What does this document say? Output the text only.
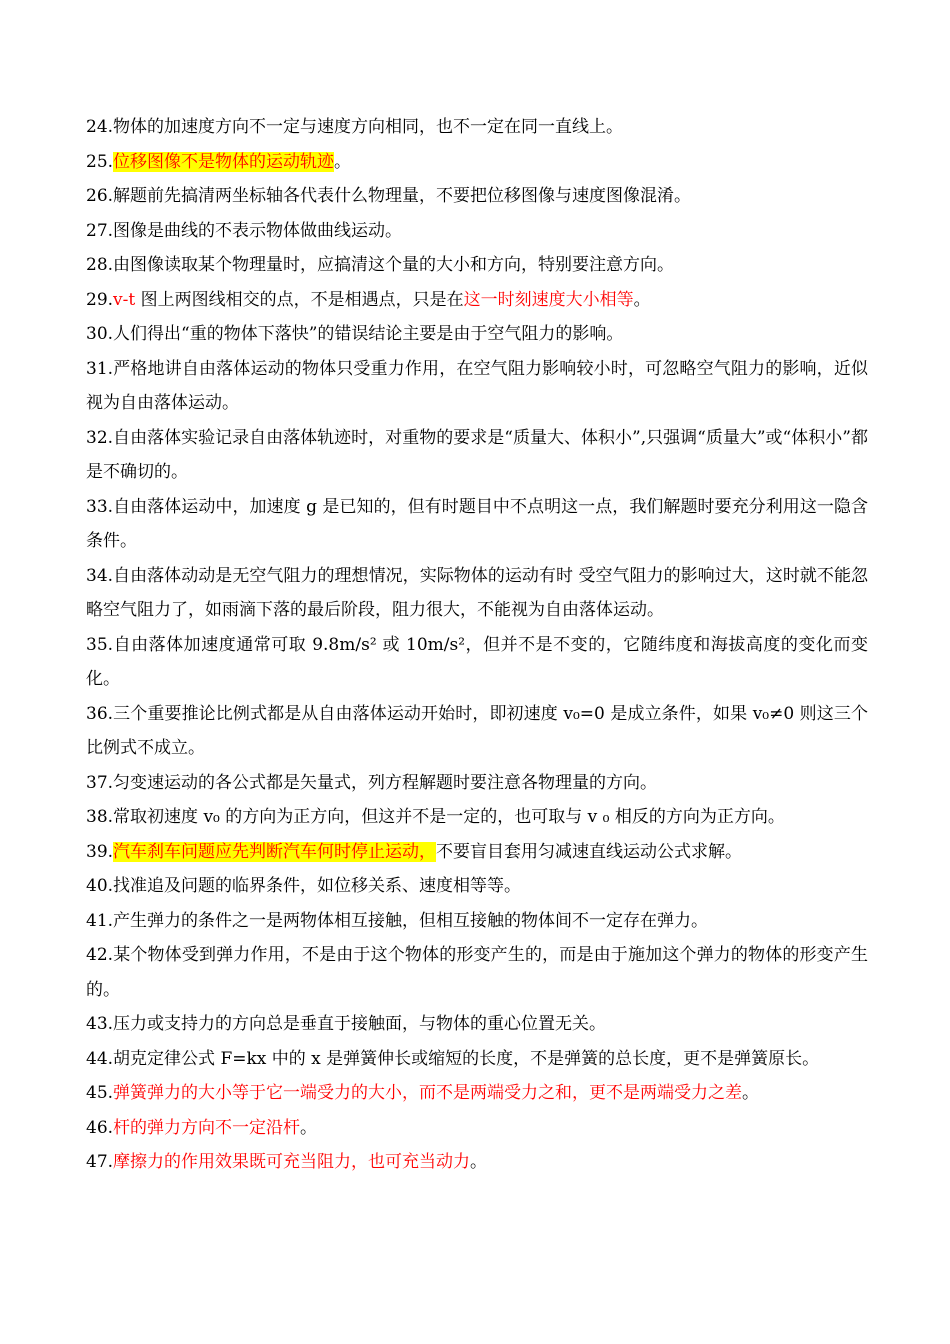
24.物体的加速度方向不一定与速度方向相同，也不一定在同一直线上。

25.位移图像不是物体的运动轨迹。

26.解题前先搞清两坐标轴各代表什么物理量，不要把位移图像与速度图像混淆。

27.图像是曲线的不表示物体做曲线运动。

28.由图像读取某个物理量时，应搞清这个量的大小和方向，特别要注意方向。

29.v-t 图上两图线相交的点，不是相遇点，只是在这一时刻速度大小相等。

30.人们得出“重的物体下落快”的错误结论主要是由于空气阻力的影响。

31.严格地讲自由落体运动的物体只受重力作用，在空气阻力影响较小时，可忽略空气阻力的影响，近似视为自由落体运动。

32.自由落体实验记录自由落体轨迹时，对重物的要求是“质量大、体积小”,只强调“质量大”或“体积小”都是不确切的。

33.自由落体运动中，加速度 g 是已知的，但有时题目中不点明这一点，我们解题时要充分利用这一隐含条件。

34.自由落体动动是无空气阻力的理想情况，实际物体的运动有时 受空气阻力的影响过大，这时就不能忽略空气阻力了，如雨滴下落的最后阶段，阻力很大，不能视为自由落体运动。

35.自由落体加速度通常可取 9.8m/s² 或 10m/s²，但并不是不变的，它随纬度和海拔高度的变化而变化。

36.三个重要推论比例式都是从自由落体运动开始时，即初速度 v₀=0 是成立条件，如果 v₀≠0 则这三个比例式不成立。

37.匀变速运动的各公式都是矢量式，列方程解题时要注意各物理量的方向。

38.常取初速度 v₀ 的方向为正方向，但这并不是一定的，也可取与 v ₀ 相反的方向为正方向。

39.汽车刹车问题应先判断汽车何时停止运动，不要盲目套用匀减速直线运动公式求解。

40.找准追及问题的临界条件，如位移关系、速度相等等。

41.产生弹力的条件之一是两物体相互接触，但相互接触的物体间不一定存在弹力。

42.某个物体受到弹力作用，不是由于这个物体的形变产生的，而是由于施加这个弹力的物体的形变产生的。

43.压力或支持力的方向总是垂直于接触面，与物体的重心位置无关。

44.胡克定律公式 F=kx 中的 x 是弹簧伸长或缩短的长度，不是弹簧的总长度，更不是弹簧原长。

45.弹簧弹力的大小等于它一端受力的大小，而不是两端受力之和，更不是两端受力之差。

46.杆的弹力方向不一定沿杆。

47.摩擦力的作用效果既可充当阻力，也可充当动力。
